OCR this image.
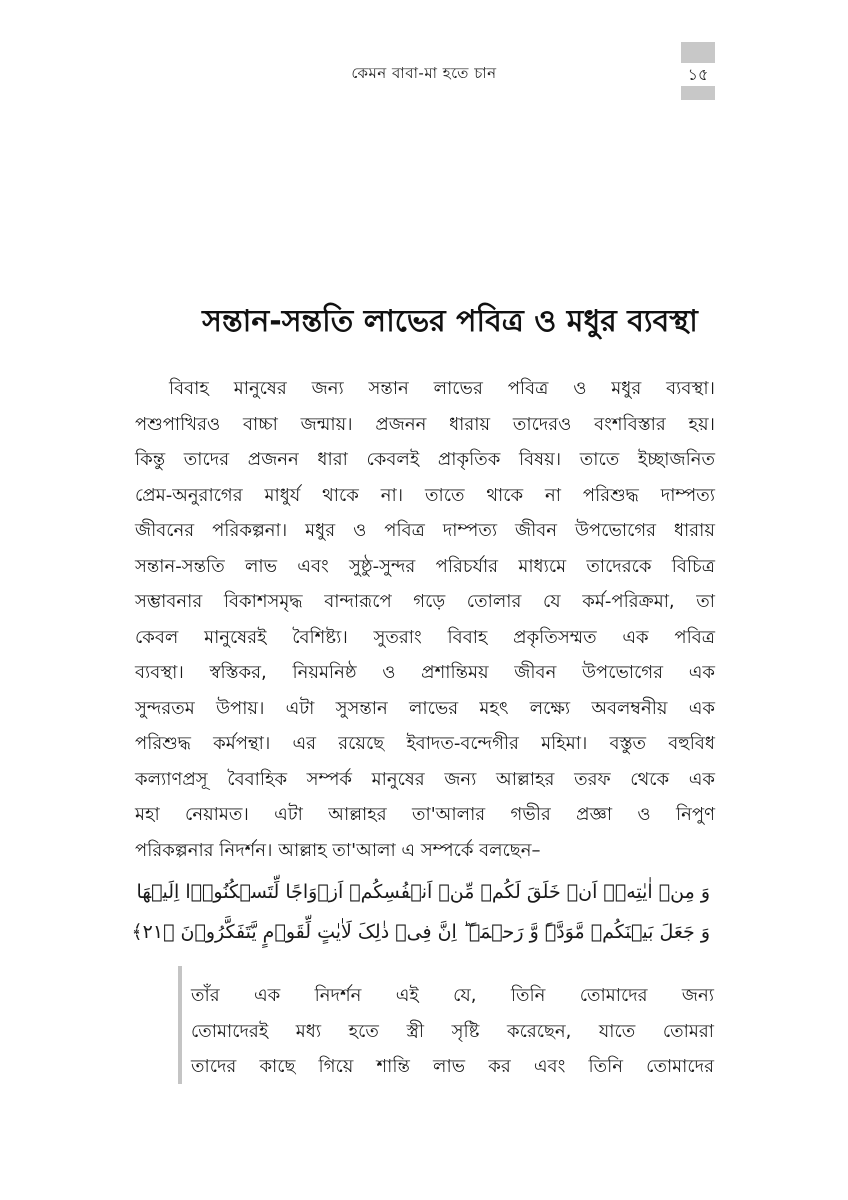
১৫
কেমন বাবা-মা হতে চান
সন্তান-সন্ততি লাভের পবিত্র ও মধুর ব্যবস্থা
বিবাহ মানুষের জন্য সন্তান লাভের পবিত্র ও মধুর ব্যবস্থা।
পশুপাখিরও বাচ্চা জন্মায়। প্রজনন ধারায় তাদেরও বংশবিস্তার হয়।
কিন্তু তাদের প্রজনন ধারা কেবলই প্রাকৃতিক বিষয়। তাতে ইচ্ছাজনিত
প্রেম-অনুরাগের মাধুর্য থাকে না। তাতে থাকে না পরিশুদ্ধ দাম্পত্য
জীবনের পরিকল্পনা। মধুর ও পবিত্র দাম্পত্য জীবন উপভোগের ধারায়
সন্তান-সন্ততি লাভ এবং সুষ্ঠু-সুন্দর পরিচর্যার মাধ্যমে তাদেরকে বিচিত্র
সম্ভাবনার বিকাশসমৃদ্ধ বান্দারূপে গড়ে তোলার যে কর্ম-পরিক্রমা, তা
কেবল মানুষেরই বৈশিষ্ট্য। সুতরাং বিবাহ প্রকৃতিসম্মত এক পবিত্র
ব্যবস্থা। স্বস্তিকর, নিয়মনিষ্ঠ ও প্রশান্তিময় জীবন উপভোগের এক
সুন্দরতম উপায়। এটা সুসন্তান লাভের মহৎ লক্ষ্যে অবলম্বনীয় এক
পরিশুদ্ধ কর্মপন্থা। এর রয়েছে ইবাদত-বন্দেগীর মহিমা। বস্তুত বহুবিধ
কল্যাণপ্রসূ বৈবাহিক সম্পর্ক মানুষের জন্য আল্লাহর তরফ থেকে এক
মহা নেয়ামত। এটা আল্লাহর তা'আলার গভীর প্রজ্ঞা ও নিপুণ
পরিকল্পনার নিদর্শন। আল্লাহ তা'আলা এ সম্পর্কে বলছেন–
وَ مِنۡ اٰیٰتِهٖۤ اَنۡ خَلَقَ لَکُمۡ مِّنۡ اَنۡفُسِکُمۡ اَزۡوَاجًا لِّتَسۡکُنُوۡۤا اِلَیۡهَا
وَ جَعَلَ بَیۡنَکُمۡ مَّوَدَّۃً وَّ رَحۡمَۃً ؕ اِنَّ فِیۡ ذٰلِکَ لَاٰیٰتٍ لِّقَوۡمٍ یَّتَفَکَّرُوۡنَ ﴿۲۱﴾
তাঁর এক নিদর্শন এই যে, তিনি তোমাদের জন্য
তোমাদেরই মধ্য হতে স্ত্রী সৃষ্টি করেছেন, যাতে তোমরা
তাদের কাছে গিয়ে শান্তি লাভ কর এবং তিনি তোমাদের
